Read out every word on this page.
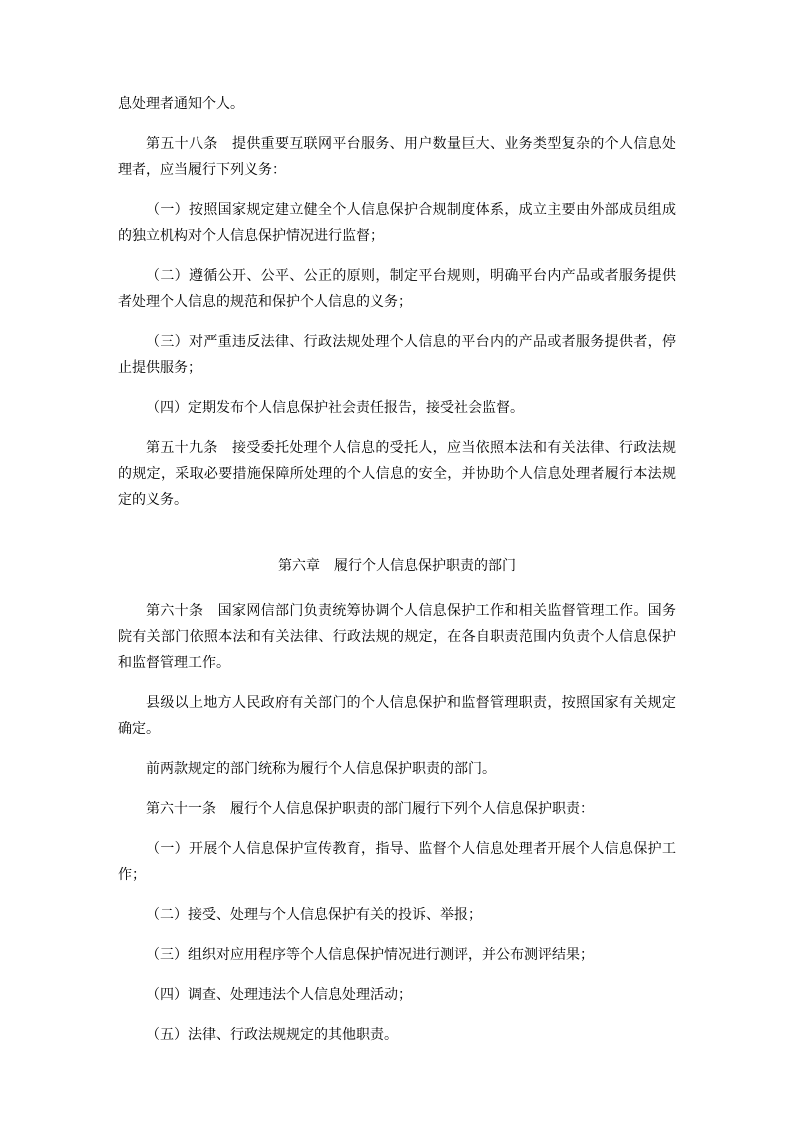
息处理者通知个人。

第五十八条　提供重要互联网平台服务、用户数量巨大、业务类型复杂的个人信息处理者，应当履行下列义务：

（一）按照国家规定建立健全个人信息保护合规制度体系，成立主要由外部成员组成的独立机构对个人信息保护情况进行监督；

（二）遵循公开、公平、公正的原则，制定平台规则，明确平台内产品或者服务提供者处理个人信息的规范和保护个人信息的义务；

（三）对严重违反法律、行政法规处理个人信息的平台内的产品或者服务提供者，停止提供服务；

（四）定期发布个人信息保护社会责任报告，接受社会监督。

第五十九条　接受委托处理个人信息的受托人，应当依照本法和有关法律、行政法规的规定，采取必要措施保障所处理的个人信息的安全，并协助个人信息处理者履行本法规定的义务。

第六章　履行个人信息保护职责的部门

第六十条　国家网信部门负责统筹协调个人信息保护工作和相关监督管理工作。国务院有关部门依照本法和有关法律、行政法规的规定，在各自职责范围内负责个人信息保护和监督管理工作。

县级以上地方人民政府有关部门的个人信息保护和监督管理职责，按照国家有关规定确定。

前两款规定的部门统称为履行个人信息保护职责的部门。

第六十一条　履行个人信息保护职责的部门履行下列个人信息保护职责：

（一）开展个人信息保护宣传教育，指导、监督个人信息处理者开展个人信息保护工作；

（二）接受、处理与个人信息保护有关的投诉、举报；

（三）组织对应用程序等个人信息保护情况进行测评，并公布测评结果；

（四）调查、处理违法个人信息处理活动；

（五）法律、行政法规规定的其他职责。
